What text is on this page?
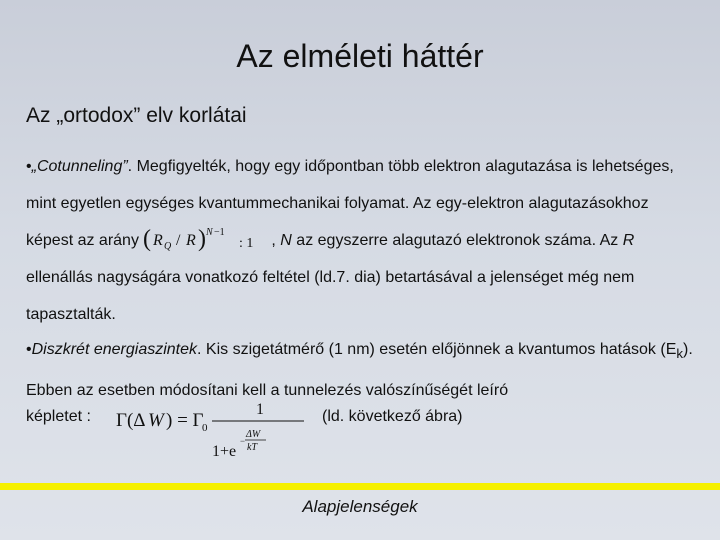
Az elméleti háttér
Az „ortodox” elv korlátai
•„Cotunneling”. Megfigyelték, hogy egy időpontban több elektron alagutazása is lehetséges, mint egyetlen egységes kvantummechanikai folyamat. Az egy-elektron alagutazásokhoz képest az arány ( R Q / R ) N −1
: 1 , N az egyszerre alagutazó elektronok száma. Az R ellenállás nagyságára vonatkozó feltétel (ld.7. dia) betartásával a jelenséget még nem tapasztalták.
•Diszkrét energiaszintek. Kis szigetátmérő (1 nm) esetén előjönnek a kvantumos hatások $(E_k)$. Ebben az esetben módosítani kell a tunnelezés valószínűségét leíró
képletet : Γ(Δ W ) = Γ
0
1
1+e
−
ΔW
kT
(ld. következő ábra)
Alapjelenségek
